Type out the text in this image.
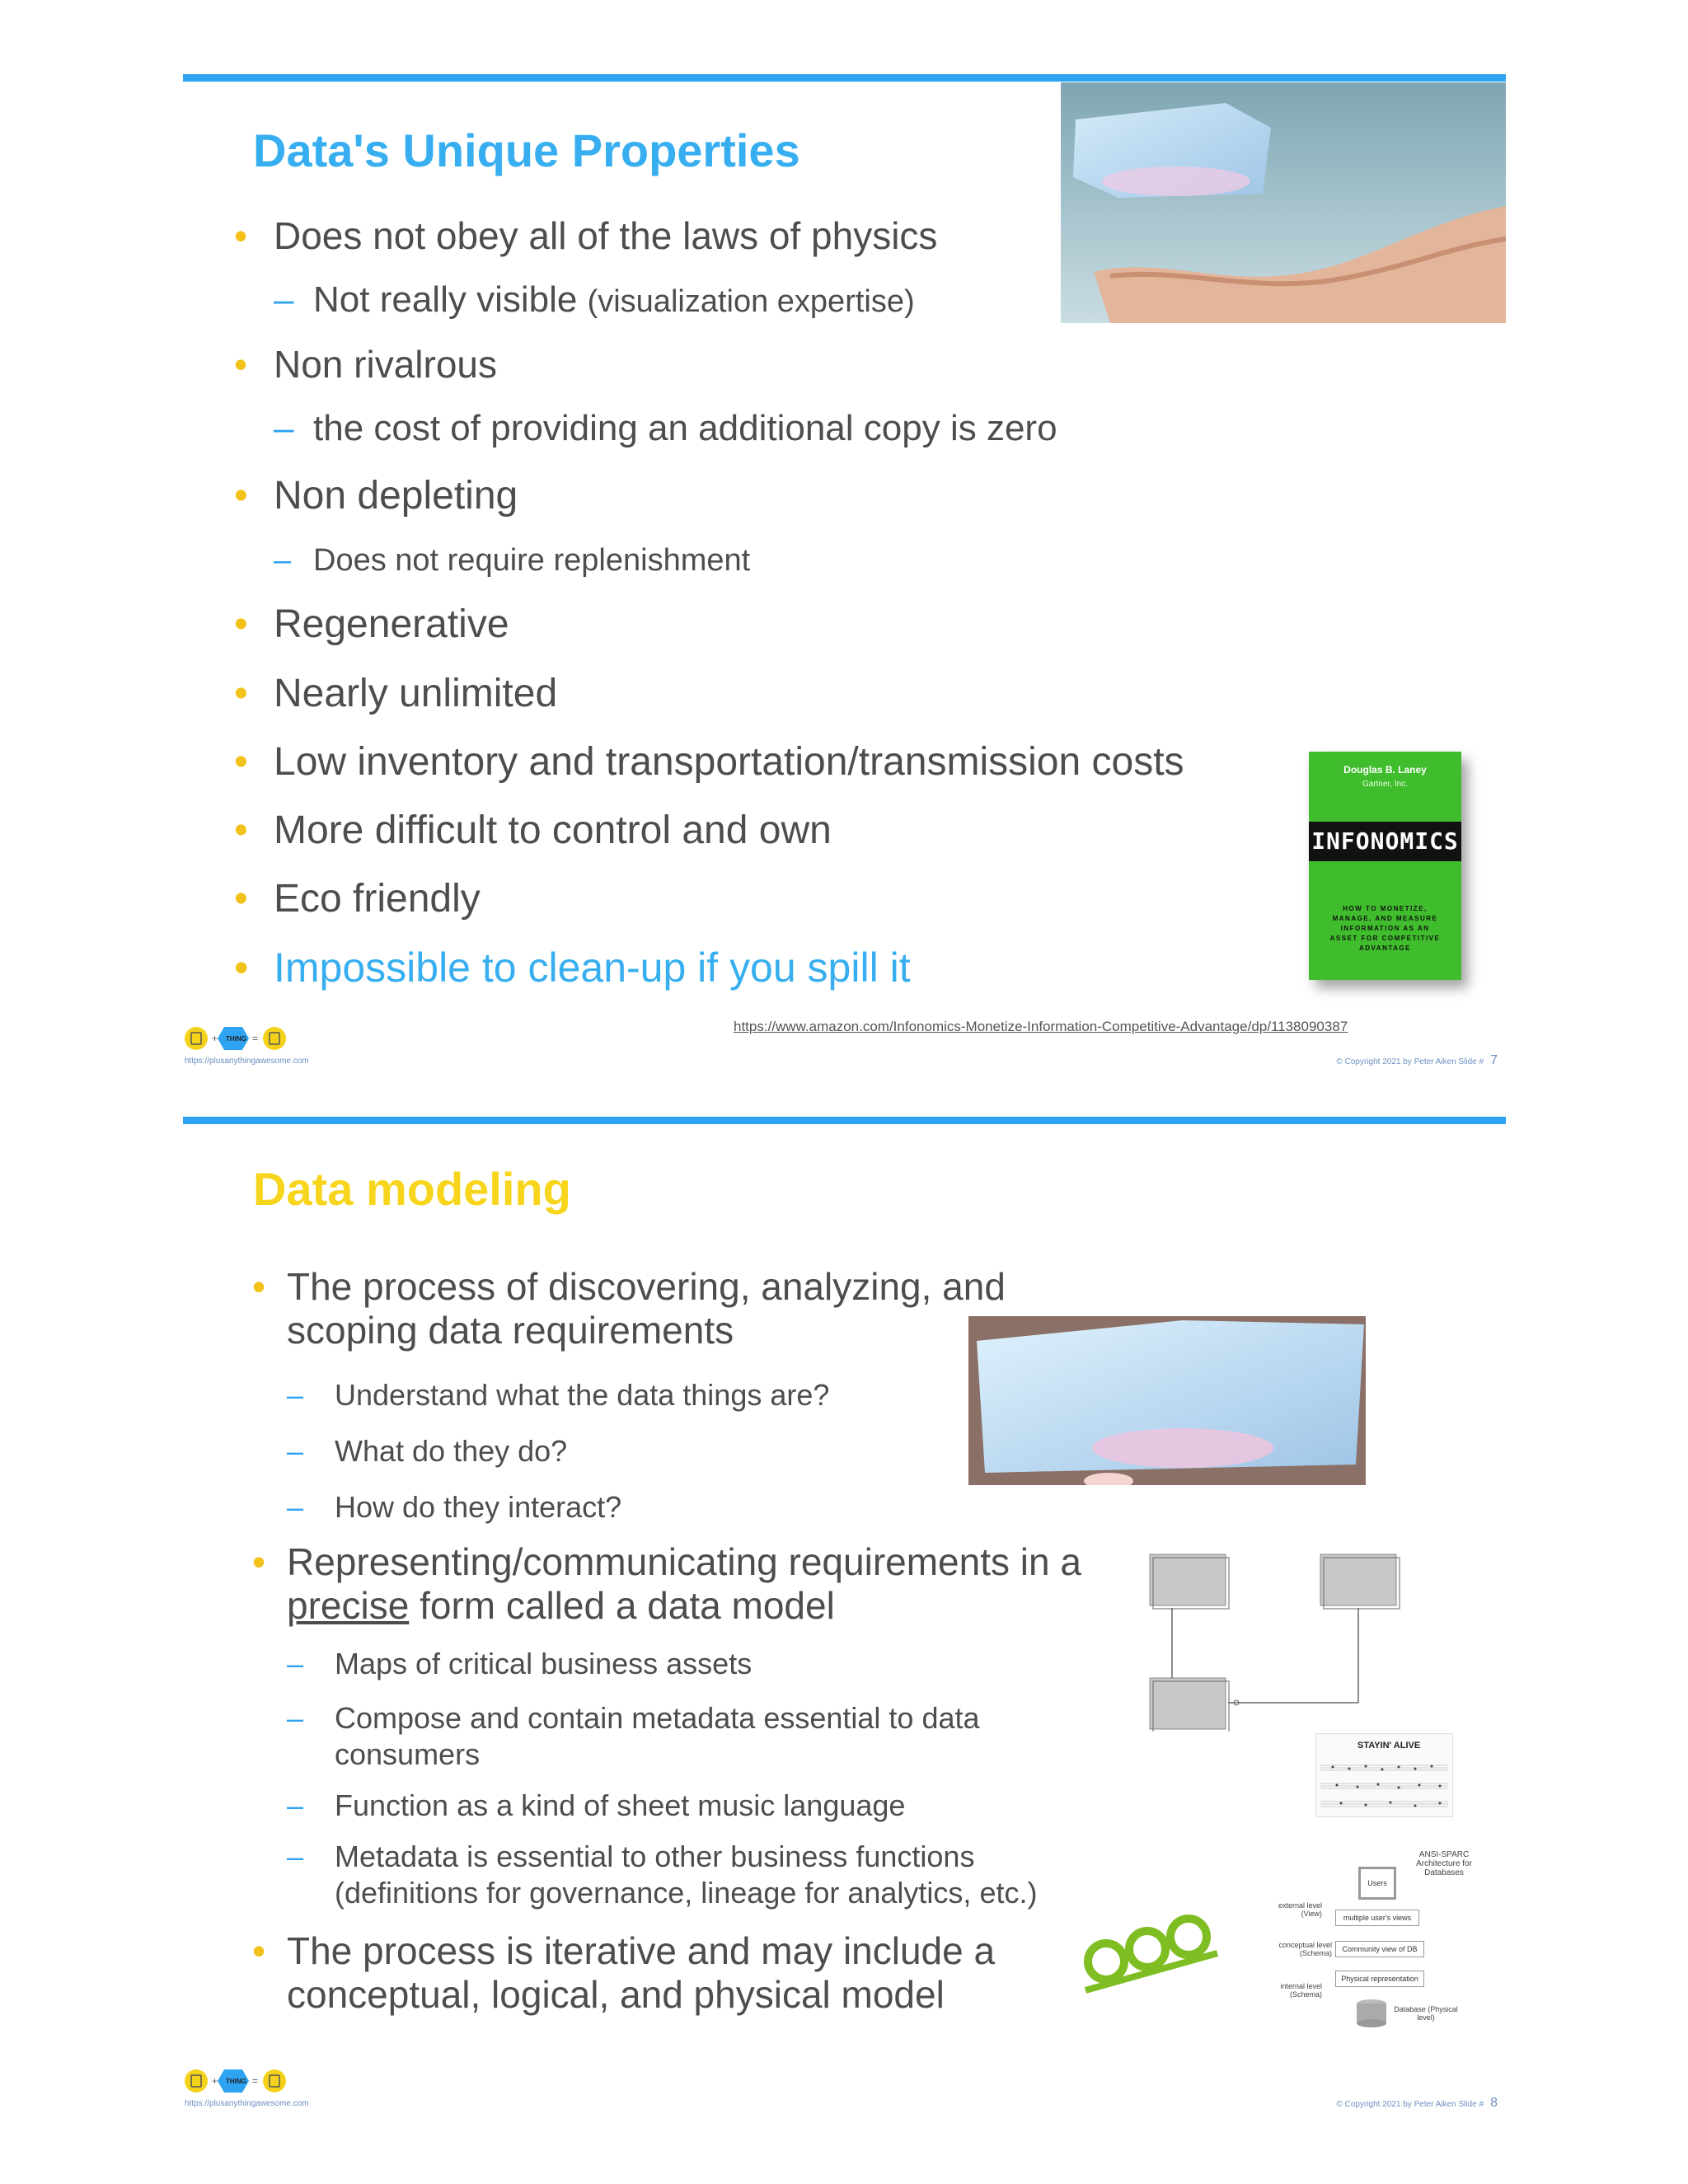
Data's Unique Properties
• Does not obey all of the laws of physics
– Not really visible (visualization expertise)
• Non rivalrous
– the cost of providing an additional copy is zero
• Non depleting
– Does not require replenishment
• Regenerative
• Nearly unlimited
• Low inventory and transportation/transmission costs
• More difficult to control and own
• Eco friendly
• Impossible to clean-up if you spill it
Douglas B. Laney
Gartner, Inc.
INFONOMICS
HOW TO MONETIZE, MANAGE, AND MEASURE INFORMATION AS AN ASSET FOR COMPETITIVE ADVANTAGE
https://www.amazon.com/Infonomics-Monetize-Information-Competitive-Advantage/dp/1138090387
+ THING =
https://plusanythingawesome.com	© Copyright 2021 by Peter Aiken Slide # 7
Data modeling
• The process of discovering, analyzing, and scoping data requirements
– Understand what the data things are?
– What do they do?
– How do they interact?
• Representing/communicating requirements in a precise form called a data model
– Maps of critical business assets
– Compose and contain metadata essential to data consumers
– Function as a kind of sheet music language
– Metadata is essential to other business functions (definitions for governance, lineage for analytics, etc.)
• The process is iterative and may include a conceptual, logical, and physical model
STAYIN' ALIVE
ANSI-SPARC Architecture for Databases
Users
external level (View)	multiple user's views
conceptual level (Schema)	Community view of DB
internal level (Schema)
Physical representation
Database (Physical level)
+ THING =
https://plusanythingawesome.com	© Copyright 2021 by Peter Aiken Slide # 8
